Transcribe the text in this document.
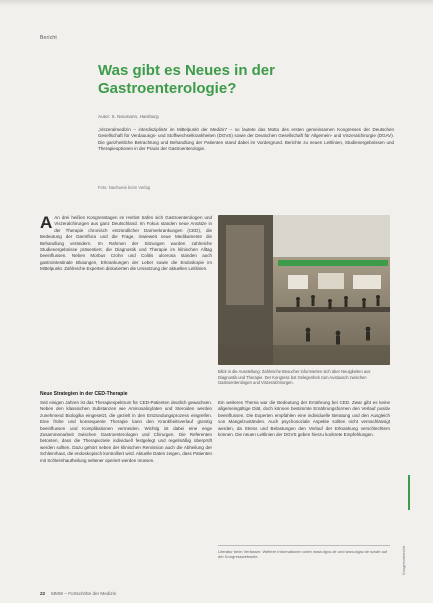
Bericht
Was gibt es Neues in der Gastroenterologie?
Autor: S. Neumann, Hamburg
„Viszeralmedizin – interdisziplinär im Mittelpunkt der Medizin“ – so lautete das Motto des ersten gemeinsamen Kongresses der Deutschen Gesellschaft für Verdauungs- und Stoffwechselkrankheiten (DGVS) sowie der Deutschen Gesellschaft für Allgemein- und Viszeralchirurgie (DGAV). Die ganzheitliche Betrachtung und Behandlung der Patienten stand dabei im Vordergrund. Berichte zu neuen Leitlinien, Studienergebnissen und Therapieoptionen in der Praxis der Gastroenterologie.
Foto: Nachweis beim Verlag
A An drei heißen Kongresstagen im Herbst trafen sich Gastroenterologen und Viszeralchirurgen aus ganz Deutschland. Im Fokus standen neue Ansätze in der Therapie chronisch entzündlicher Darmerkrankungen (CED), die Bedeutung der Darmflora und die Frage, inwieweit neue Medikamente die Behandlung verändern. Im Rahmen der Sitzungen wurden zahlreiche Studienergebnisse präsentiert, die Diagnostik und Therapie im klinischen Alltag beeinflussen. Neben Morbus Crohn und Colitis ulcerosa standen auch gastrointestinale Blutungen, Erkrankungen der Leber sowie die Endoskopie im Mittelpunkt. Zahlreiche Experten diskutierten die Umsetzung der aktuellen Leitlinien.
Blick in die Ausstellung: Zahlreiche Besucher informierten sich über Neuigkeiten aus Diagnostik und Therapie. Der Kongress bot Gelegenheit zum Austausch zwischen Gastroenterologen und Viszeralchirurgen.
Neue Strategien in der CED-Therapie
Seit einigen Jahren ist das Therapiespektrum für CED-Patienten deutlich gewachsen. Neben den klassischen Substanzen wie Aminosalicylaten und Steroiden werden zunehmend Biologika eingesetzt, die gezielt in den Entzündungsprozess eingreifen. Eine frühe und konsequente Therapie kann den Krankheitsverlauf günstig beeinflussen und Komplikationen vermeiden. Wichtig ist dabei eine enge Zusammenarbeit zwischen Gastroenterologen und Chirurgen. Die Referenten betonten, dass die Therapieziele individuell festgelegt und regelmäßig überprüft werden sollten. Dazu gehört neben der klinischen Remission auch die Abheilung der Schleimhaut, die endoskopisch kontrolliert wird. Aktuelle Daten zeigen, dass Patienten mit Schleimhautheilung seltener operiert werden müssen.
Ein weiteres Thema war die Bedeutung der Ernährung bei CED. Zwar gibt es keine allgemeingültige Diät, doch können bestimmte Ernährungsformen den Verlauf positiv beeinflussen. Die Experten empfahlen eine individuelle Beratung und den Ausgleich von Mangelzuständen. Auch psychosoziale Aspekte sollten nicht vernachlässigt werden, da Stress und Belastungen den Verlauf der Erkrankung verschlechtern können. Die neuen Leitlinien der DGVS geben hierzu konkrete Empfehlungen.
Literatur beim Verfasser. Weitere Informationen unter www.dgvs.de und www.dgav.de sowie auf der Kongresswebseite.	Kongressbericht
22 MMW – Fortschritte der Medizin
